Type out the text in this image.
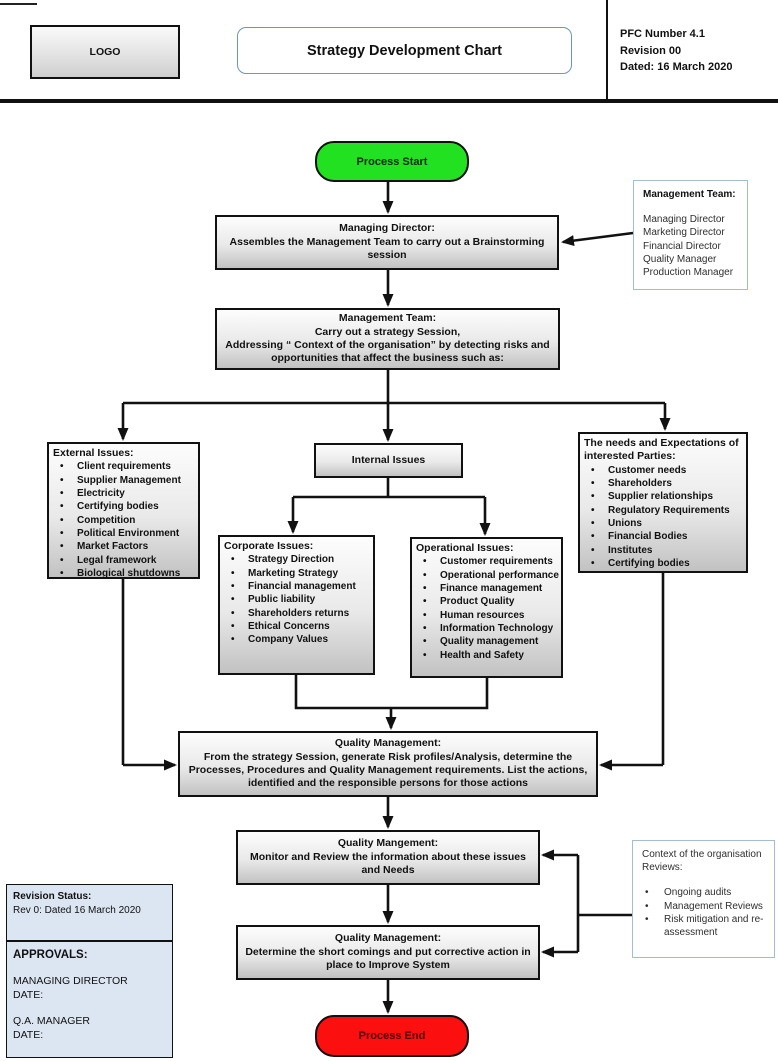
LOGO	Strategy Development Chart
PFC Number 4.1
Revision 00
Dated: 16 March 2020
Process Start
Process End
Managing Director:
Assembles the Management Team to carry out a Brainstorming session
Management Team:
Carry out a strategy Session,
Addressing “ Context of the organisation” by detecting risks and opportunities that affect the business such as:
Internal Issues
External Issues:
•	Client requirements
•	Supplier Management
•	Electricity
•	Certifying bodies
•	Competition
•	Political Environment
•	Market Factors
•	Legal framework
•	Biological shutdowns
Corporate Issues:
•	Strategy Direction
•	Marketing Strategy
•	Financial management
•	Public liability
•	Shareholders returns
•	Ethical Concerns
•	Company Values
Operational Issues:
•	Customer requirements
•	Operational performance
•	Finance management
•	Product Quality
•	Human resources
•	Information Technology
•	Quality management
•	Health and Safety
The needs and Expectations of interested Parties:
•	Customer needs
•	Shareholders
•	Supplier relationships
•	Regulatory Requirements
•	Unions
•	Financial Bodies
•	Institutes
•	Certifying bodies
Quality Management:
From the strategy Session, generate Risk profiles/Analysis, determine the Processes, Procedures and Quality Management requirements. List the actions, identified and the responsible persons for those actions
Quality Mangement:
Monitor and Review the information about these issues and Needs
Quality Management:
Determine the short comings and put corrective action in place to Improve System
Management Team:
Managing Director
Marketing Director
Financial Director
Quality Manager
Production Manager
Context of the organisation Reviews:
•	Ongoing audits
•	Management Reviews
•	Risk mitigation and re-assessment
Revision Status:
Rev 0: Dated 16 March 2020
APPROVALS:
MANAGING DIRECTOR
DATE:
Q.A. MANAGER
DATE:
